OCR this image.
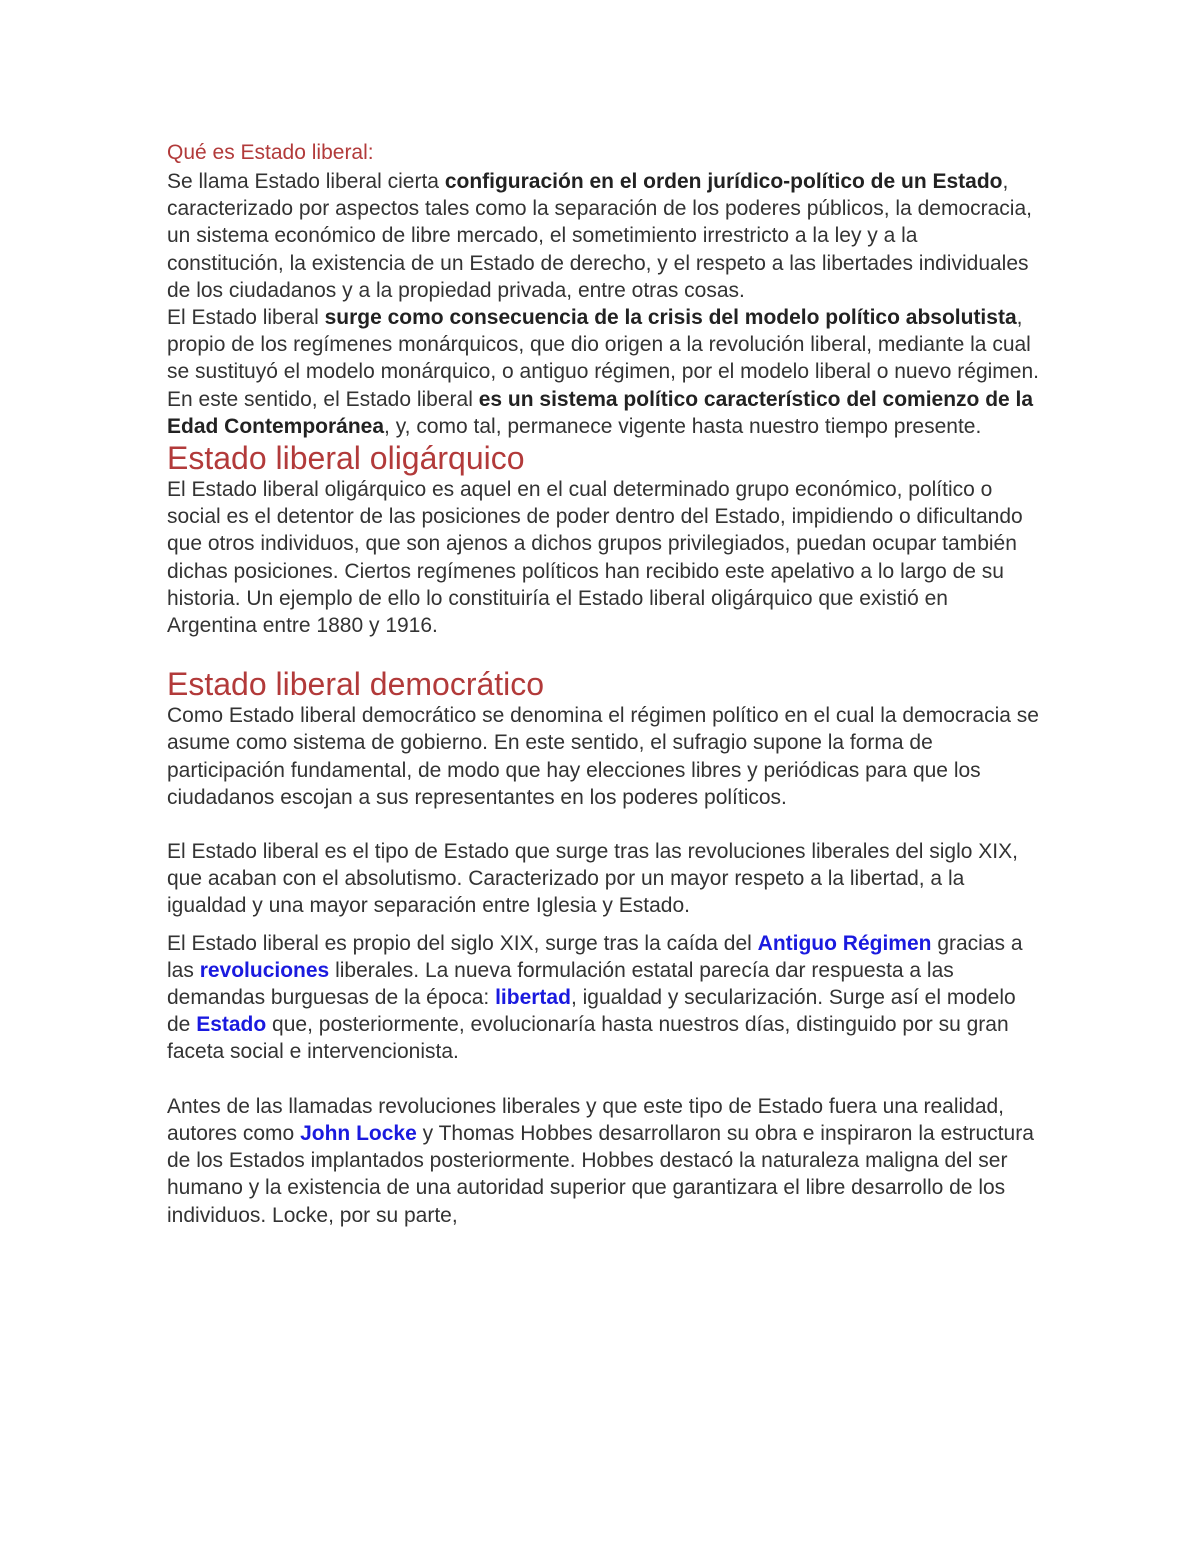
Qué es Estado liberal:

Se llama Estado liberal cierta configuración en el orden jurídico-político de un Estado, caracterizado por aspectos tales como la separación de los poderes públicos, la democracia, un sistema económico de libre mercado, el sometimiento irrestricto a la ley y a la constitución, la existencia de un Estado de derecho, y el respeto a las libertades individuales de los ciudadanos y a la propiedad privada, entre otras cosas.

El Estado liberal surge como consecuencia de la crisis del modelo político absolutista, propio de los regímenes monárquicos, que dio origen a la revolución liberal, mediante la cual se sustituyó el modelo monárquico, o antiguo régimen, por el modelo liberal o nuevo régimen.

En este sentido, el Estado liberal es un sistema político característico del comienzo de la Edad Contemporánea, y, como tal, permanece vigente hasta nuestro tiempo presente.

Estado liberal oligárquico

El Estado liberal oligárquico es aquel en el cual determinado grupo económico, político o social es el detentor de las posiciones de poder dentro del Estado, impidiendo o dificultando que otros individuos, que son ajenos a dichos grupos privilegiados, puedan ocupar también dichas posiciones. Ciertos regímenes políticos han recibido este apelativo a lo largo de su historia. Un ejemplo de ello lo constituiría el Estado liberal oligárquico que existió en Argentina entre 1880 y 1916.

Estado liberal democrático

Como Estado liberal democrático se denomina el régimen político en el cual la democracia se asume como sistema de gobierno. En este sentido, el sufragio supone la forma de participación fundamental, de modo que hay elecciones libres y periódicas para que los ciudadanos escojan a sus representantes en los poderes políticos.

El Estado liberal es el tipo de Estado que surge tras las revoluciones liberales del siglo XIX, que acaban con el absolutismo. Caracterizado por un mayor respeto a la libertad, a la igualdad y una mayor separación entre Iglesia y Estado.

El Estado liberal es propio del siglo XIX, surge tras la caída del Antiguo Régimen gracias a las revoluciones liberales. La nueva formulación estatal parecía dar respuesta a las demandas burguesas de la época: libertad, igualdad y secularización. Surge así el modelo de Estado que, posteriormente, evolucionaría hasta nuestros días, distinguido por su gran faceta social e intervencionista.

Antes de las llamadas revoluciones liberales y que este tipo de Estado fuera una realidad, autores como John Locke y Thomas Hobbes desarrollaron su obra e inspiraron la estructura de los Estados implantados posteriormente. Hobbes destacó la naturaleza maligna del ser humano y la existencia de una autoridad superior que garantizara el libre desarrollo de los individuos. Locke, por su parte,
